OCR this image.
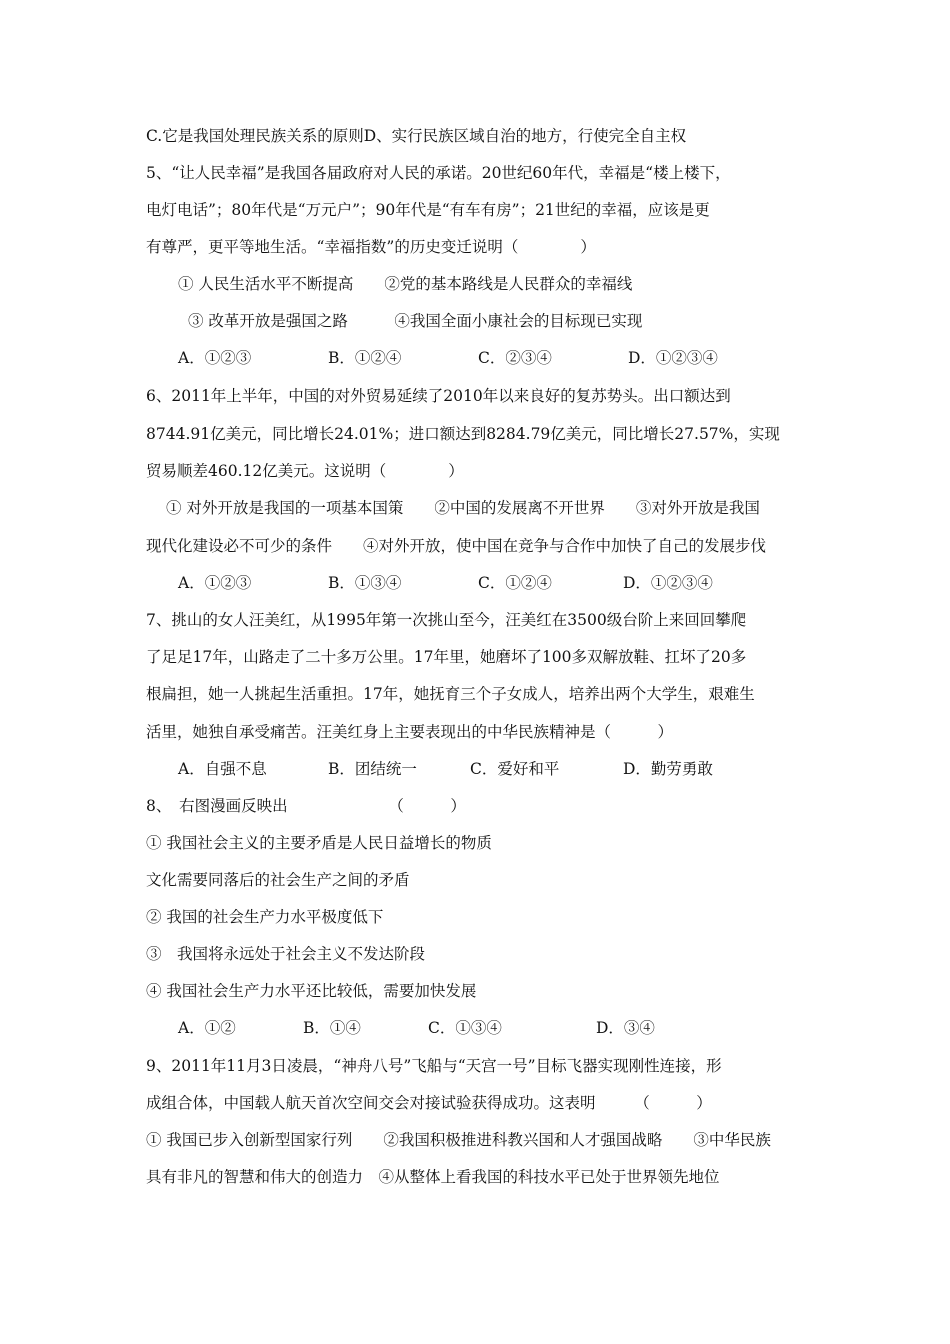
C.它是我国处理民族关系的原则D、实行民族区域自治的地方，行使完全自主权
5、“让人民幸福”是我国各届政府对人民的承诺。20世纪60年代，幸福是“楼上楼下，
电灯电话”；80年代是“万元户”；90年代是“有车有房”；21世纪的幸福，应该是更
有尊严，更平等地生活。“幸福指数”的历史变迁说明（　　　　）
① 人民生活水平不断提高　　②党的基本路线是人民群众的幸福线
③ 改革开放是强国之路　　　④我国全面小康社会的目标现已实现
A．①②③	B．①②④	C．②③④	D．①②③④
6、2011年上半年，中国的对外贸易延续了2010年以来良好的复苏势头。出口额达到
8744.91亿美元，同比增长24.01%；进口额达到8284.79亿美元，同比增长27.57%，实现
贸易顺差460.12亿美元。这说明（　　　　）
① 对外开放是我国的一项基本国策　　②中国的发展离不开世界　　③对外开放是我国
现代化建设必不可少的条件　　④对外开放，使中国在竞争与合作中加快了自己的发展步伐
A．①②③	B．①③④	C．①②④	D．①②③④
7、挑山的女人汪美红，从1995年第一次挑山至今，汪美红在3500级台阶上来回回攀爬
了足足17年，山路走了二十多万公里。17年里，她磨坏了100多双解放鞋、扛坏了20多
根扁担，她一人挑起生活重担。17年，她抚育三个子女成人，培养出两个大学生，艰难生
活里，她独自承受痛苦。汪美红身上主要表现出的中华民族精神是（　　　）
A．自强不息	B．团结统一	C．爱好和平	D．勤劳勇敢
8、　右图漫画反映出　　　　　　　（　　　）
① 我国社会主义的主要矛盾是人民日益增长的物质
文化需要同落后的社会生产之间的矛盾
② 我国的社会生产力水平极度低下
③　我国将永远处于社会主义不发达阶段
④ 我国社会生产力水平还比较低，需要加快发展
A．①②	B．①④	C．①③④	D．③④
9、2011年11月3日凌晨，“神舟八号”飞船与“天宫一号”目标飞器实现刚性连接，形
成组合体，中国载人航天首次空间交会对接试验获得成功。这表明　　　（　　　）
① 我国已步入创新型国家行列　　②我国积极推进科教兴国和人才强国战略　　③中华民族
具有非凡的智慧和伟大的创造力　④从整体上看我国的科技水平已处于世界领先地位
